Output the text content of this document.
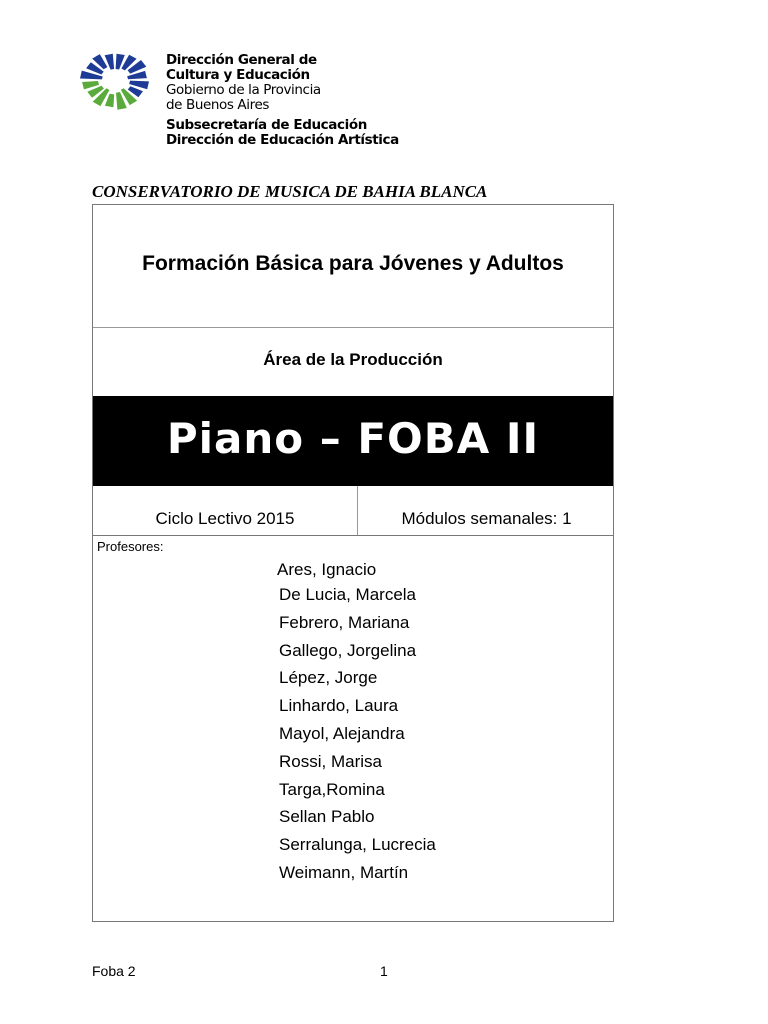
Dirección General de
Cultura y Educación
Gobierno de la Provincia
de Buenos Aires
Subsecretaría de Educación
Dirección de Educación Artística
CONSERVATORIO DE MUSICA DE BAHIA BLANCA
Formación Básica para Jóvenes y Adultos
Área de la Producción
Piano – FOBA II
Ciclo Lectivo 2015	Módulos semanales: 1
Profesores:
Ares, Ignacio
De Lucia, Marcela
Febrero, Mariana
Gallego, Jorgelina
Lépez, Jorge
Linhardo, Laura
Mayol, Alejandra
Rossi, Marisa
Targa,Romina
Sellan Pablo
Serralunga, Lucrecia
Weimann, Martín
Foba 2	1
